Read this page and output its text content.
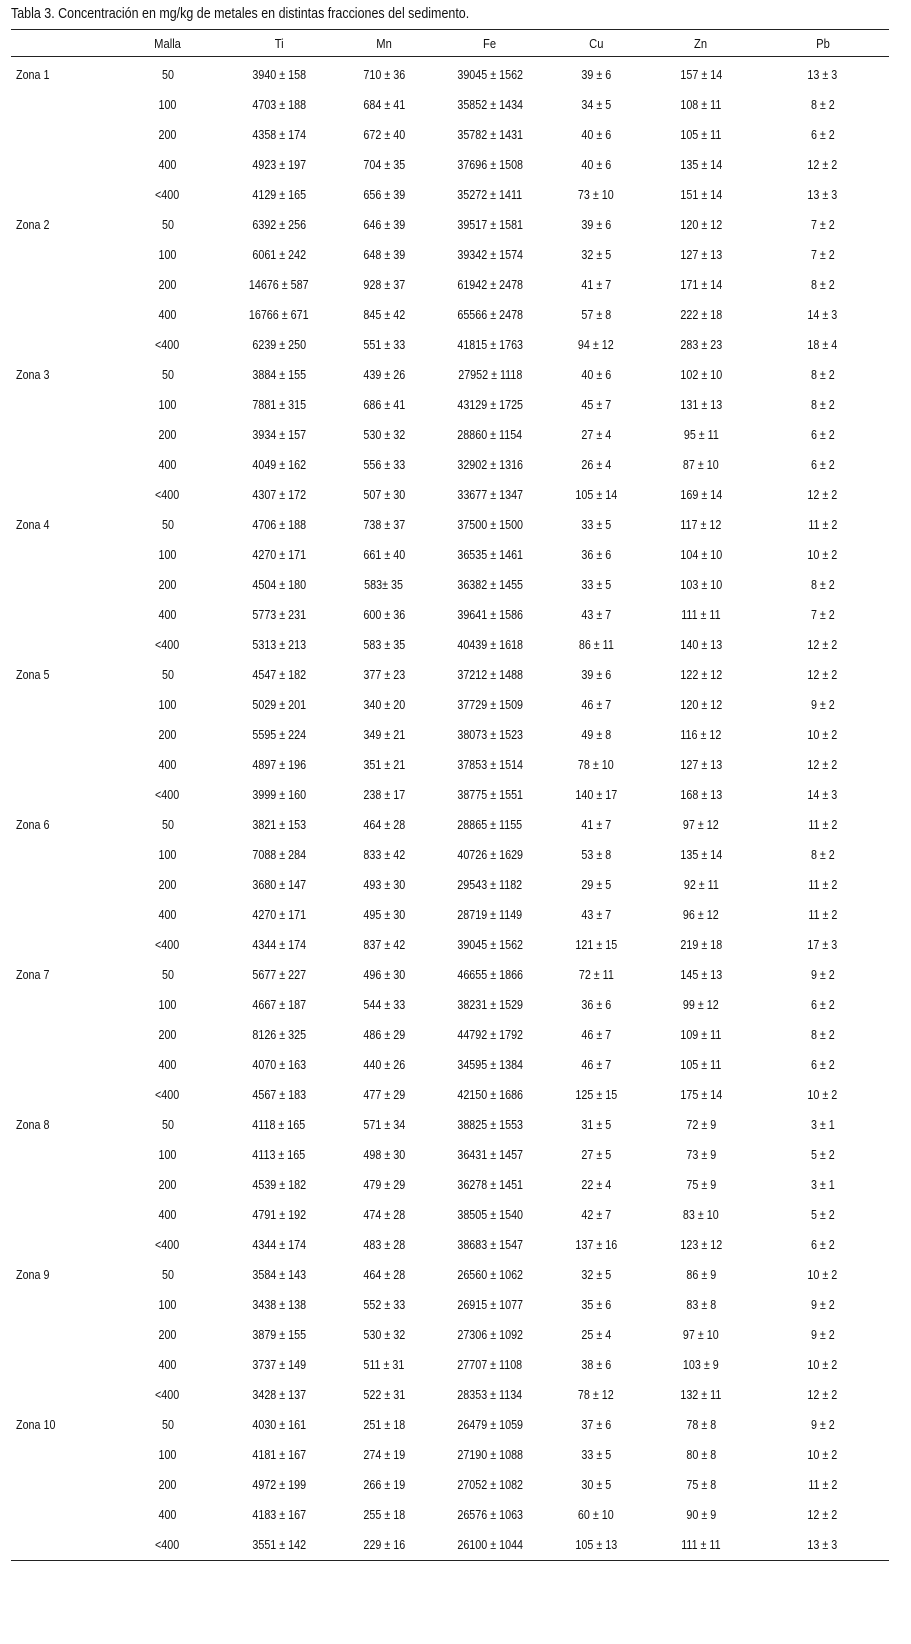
Tabla 3. Concentración en mg/kg de metales en distintas fracciones del sedimento.
	Malla	Ti	Mn	Fe	Cu	Zn	Pb
Zona 1	50	3940 ± 158	710 ± 36	39045 ± 1562	39 ± 6	157 ± 14	13 ± 3
	100	4703 ± 188	684 ± 41	35852 ± 1434	34 ± 5	108 ± 11	8 ± 2
	200	4358 ± 174	672 ± 40	35782 ± 1431	40 ± 6	105 ± 11	6 ± 2
	400	4923 ± 197	704 ± 35	37696 ± 1508	40 ± 6	135 ± 14	12 ± 2
	<400	4129 ± 165	656 ± 39	35272 ± 1411	73 ± 10	151 ± 14	13 ± 3
Zona 2	50	6392 ± 256	646 ± 39	39517 ± 1581	39 ± 6	120 ± 12	7 ± 2
	100	6061 ± 242	648 ± 39	39342 ± 1574	32 ± 5	127 ± 13	7 ± 2
	200	14676 ± 587	928 ± 37	61942 ± 2478	41 ± 7	171 ± 14	8 ± 2
	400	16766 ± 671	845 ± 42	65566 ± 2478	57 ± 8	222 ± 18	14 ± 3
	<400	6239 ± 250	551 ± 33	41815 ± 1763	94 ± 12	283 ± 23	18 ± 4
Zona 3	50	3884 ± 155	439 ± 26	27952 ± 1118	40 ± 6	102 ± 10	8 ± 2
	100	7881 ± 315	686 ± 41	43129 ± 1725	45 ± 7	131 ± 13	8 ± 2
	200	3934 ± 157	530 ± 32	28860 ± 1154	27 ± 4	95 ± 11	6 ± 2
	400	4049 ± 162	556 ± 33	32902 ± 1316	26 ± 4	87 ± 10	6 ± 2
	<400	4307 ± 172	507 ± 30	33677 ± 1347	105 ± 14	169 ± 14	12 ± 2
Zona 4	50	4706 ± 188	738 ± 37	37500 ± 1500	33 ± 5	117 ± 12	11 ± 2
	100	4270 ± 171	661 ± 40	36535 ± 1461	36 ± 6	104 ± 10	10 ± 2
	200	4504 ± 180	583± 35	36382 ± 1455	33 ± 5	103 ± 10	8 ± 2
	400	5773 ± 231	600 ± 36	39641 ± 1586	43 ± 7	111 ± 11	7 ± 2
	<400	5313 ± 213	583 ± 35	40439 ± 1618	86 ± 11	140 ± 13	12 ± 2
Zona 5	50	4547 ± 182	377 ± 23	37212 ± 1488	39 ± 6	122 ± 12	12 ± 2
	100	5029 ± 201	340 ± 20	37729 ± 1509	46 ± 7	120 ± 12	9 ± 2
	200	5595 ± 224	349 ± 21	38073 ± 1523	49 ± 8	116 ± 12	10 ± 2
	400	4897 ± 196	351 ± 21	37853 ± 1514	78 ± 10	127 ± 13	12 ± 2
	<400	3999 ± 160	238 ± 17	38775 ± 1551	140 ± 17	168 ± 13	14 ± 3
Zona 6	50	3821 ± 153	464 ± 28	28865 ± 1155	41 ± 7	97 ± 12	11 ± 2
	100	7088 ± 284	833 ± 42	40726 ± 1629	53 ± 8	135 ± 14	8 ± 2
	200	3680 ± 147	493 ± 30	29543 ± 1182	29 ± 5	92 ± 11	11 ± 2
	400	4270 ± 171	495 ± 30	28719 ± 1149	43 ± 7	96 ± 12	11 ± 2
	<400	4344 ± 174	837 ± 42	39045 ± 1562	121 ± 15	219 ± 18	17 ± 3
Zona 7	50	5677 ± 227	496 ± 30	46655 ± 1866	72 ± 11	145 ± 13	9 ± 2
	100	4667 ± 187	544 ± 33	38231 ± 1529	36 ± 6	99 ± 12	6 ± 2
	200	8126 ± 325	486 ± 29	44792 ± 1792	46 ± 7	109 ± 11	8 ± 2
	400	4070 ± 163	440 ± 26	34595 ± 1384	46 ± 7	105 ± 11	6 ± 2
	<400	4567 ± 183	477 ± 29	42150 ± 1686	125 ± 15	175 ± 14	10 ± 2
Zona 8	50	4118 ± 165	571 ± 34	38825 ± 1553	31 ± 5	72 ± 9	3 ± 1
	100	4113 ± 165	498 ± 30	36431 ± 1457	27 ± 5	73 ± 9	5 ± 2
	200	4539 ± 182	479 ± 29	36278 ± 1451	22 ± 4	75 ± 9	3 ± 1
	400	4791 ± 192	474 ± 28	38505 ± 1540	42 ± 7	83 ± 10	5 ± 2
	<400	4344 ± 174	483 ± 28	38683 ± 1547	137 ± 16	123 ± 12	6 ± 2
Zona 9	50	3584 ± 143	464 ± 28	26560 ± 1062	32 ± 5	86 ± 9	10 ± 2
	100	3438 ± 138	552 ± 33	26915 ± 1077	35 ± 6	83 ± 8	9 ± 2
	200	3879 ± 155	530 ± 32	27306 ± 1092	25 ± 4	97 ± 10	9 ± 2
	400	3737 ± 149	511 ± 31	27707 ± 1108	38 ± 6	103 ± 9	10 ± 2
	<400	3428 ± 137	522 ± 31	28353 ± 1134	78 ± 12	132 ± 11	12 ± 2
Zona 10	50	4030 ± 161	251 ± 18	26479 ± 1059	37 ± 6	78 ± 8	9 ± 2
	100	4181 ± 167	274 ± 19	27190 ± 1088	33 ± 5	80 ± 8	10 ± 2
	200	4972 ± 199	266 ± 19	27052 ± 1082	30 ± 5	75 ± 8	11 ± 2
	400	4183 ± 167	255 ± 18	26576 ± 1063	60 ± 10	90 ± 9	12 ± 2
	<400	3551 ± 142	229 ± 16	26100 ± 1044	105 ± 13	111 ± 11	13 ± 3
